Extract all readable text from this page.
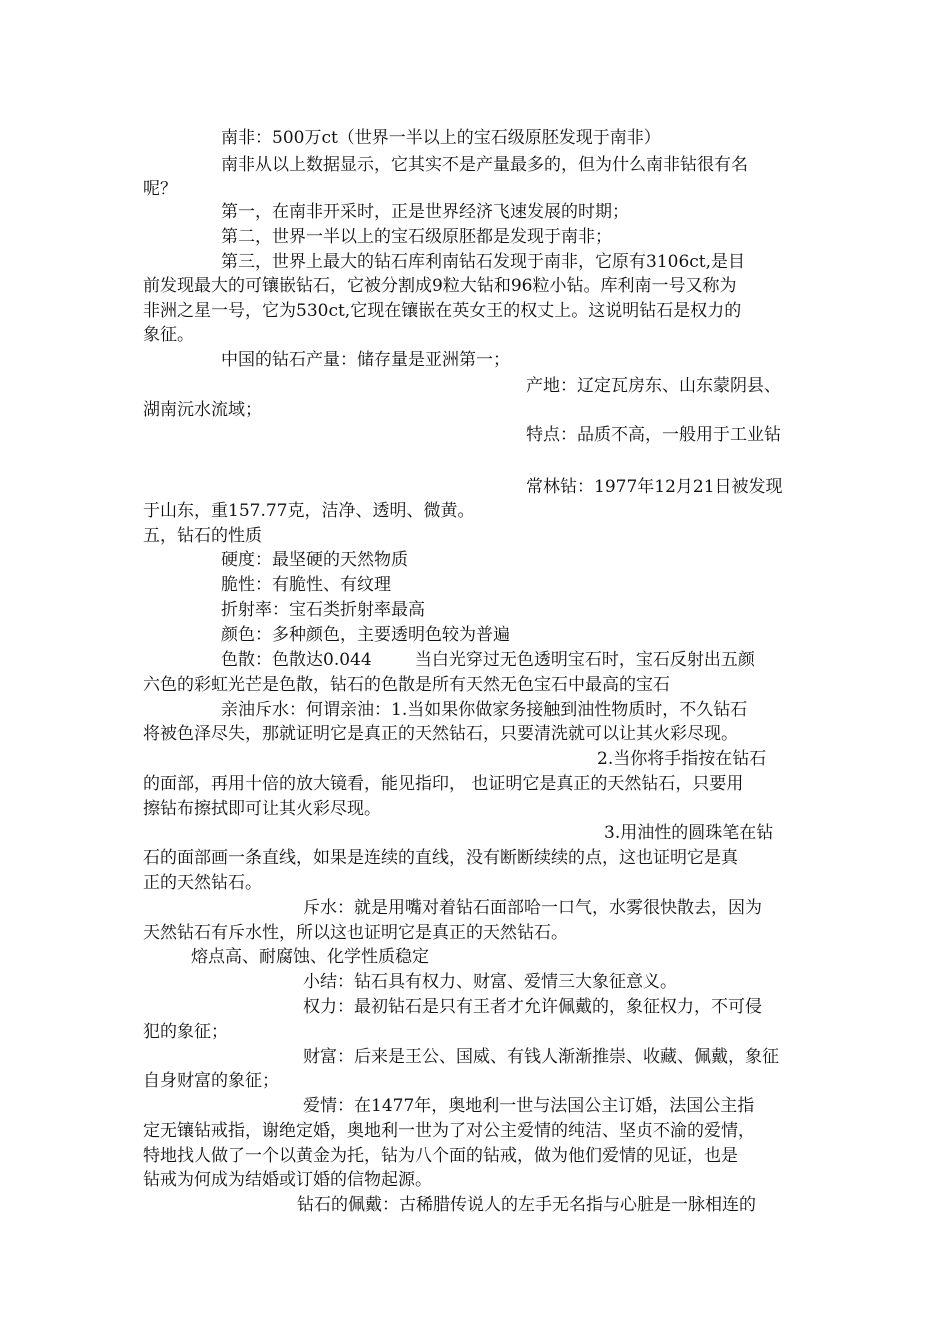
南非：500万ct（世界一半以上的宝石级原胚发现于南非）
南非从以上数据显示，它其实不是产量最多的，但为什么南非钻很有名
呢？
第一，在南非开采时，正是世界经济飞速发展的时期；
第二，世界一半以上的宝石级原胚都是发现于南非；
第三，世界上最大的钻石库利南钻石发现于南非，它原有3106ct,是目
前发现最大的可镶嵌钻石，它被分割成9粒大钻和96粒小钻。库利南一号又称为
非洲之星一号，它为530ct,它现在镶嵌在英女王的权丈上。这说明钻石是权力的
象征。
中国的钻石产量：储存量是亚洲第一；
产地：辽定瓦房东、山东蒙阴县、
湖南沅水流域；
特点：品质不高，一般用于工业钻
常林钻：1977年12月21日被发现
于山东，重157.77克，洁净、透明、微黄。
五，钻石的性质
硬度：最坚硬的天然物质
脆性：有脆性、有纹理
折射率：宝石类折射率最高
颜色：多种颜色，主要透明色较为普遍
色散：色散达0.044        当白光穿过无色透明宝石时，宝石反射出五颜
六色的彩虹光芒是色散，钻石的色散是所有天然无色宝石中最高的宝石
亲油斥水：何谓亲油：1.当如果你做家务接触到油性物质时，不久钻石
将被色泽尽失，那就证明它是真正的天然钻石，只要清洗就可以让其火彩尽现。
2.当你将手指按在钻石
的面部，再用十倍的放大镜看，能见指印， 也证明它是真正的天然钻石，只要用
擦钻布擦拭即可让其火彩尽现。
3.用油性的圆珠笔在钻
石的面部画一条直线，如果是连续的直线，没有断断续续的点，这也证明它是真
正的天然钻石。
斥水：就是用嘴对着钻石面部哈一口气，水雾很快散去，因为
天然钻石有斥水性，所以这也证明它是真正的天然钻石。
熔点高、耐腐蚀、化学性质稳定
小结：钻石具有权力、财富、爱情三大象征意义。
权力：最初钻石是只有王者才允许佩戴的，象征权力，不可侵
犯的象征；
财富：后来是王公、国威、有钱人渐渐推崇、收藏、佩戴，象征
自身财富的象征；
爱情：在1477年，奥地利一世与法国公主订婚，法国公主指
定无镶钻戒指，谢绝定婚，奥地利一世为了对公主爱情的纯洁、坚贞不渝的爱情，
特地找人做了一个以黄金为托，钻为八个面的钻戒，做为他们爱情的见证，也是
钻戒为何成为结婚或订婚的信物起源。
钻石的佩戴：古稀腊传说人的左手无名指与心脏是一脉相连的
